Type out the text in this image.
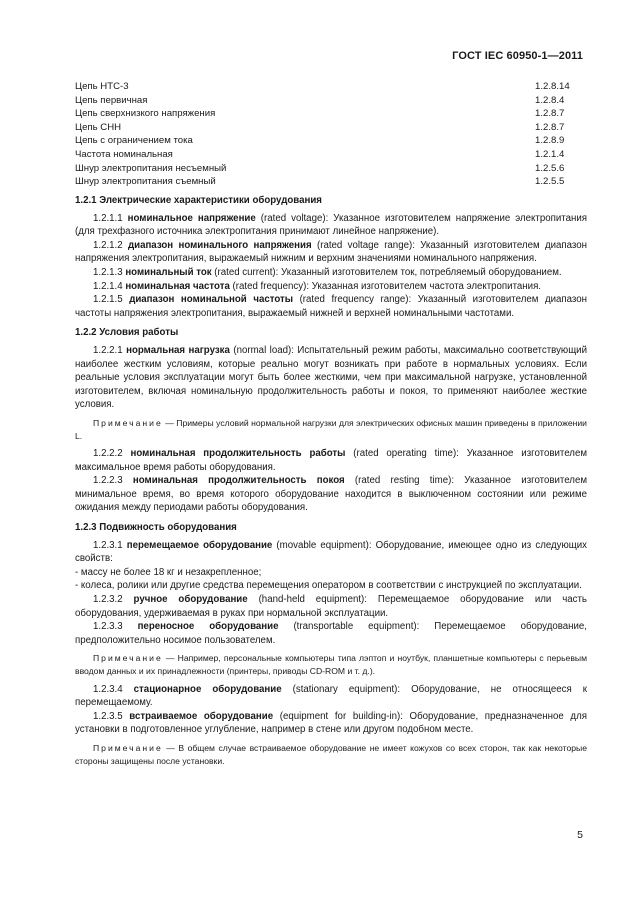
ГОСТ IEC 60950-1—2011
Цепь НТС-3	1.2.8.14
Цепь первичная	1.2.8.4
Цепь сверхнизкого напряжения	1.2.8.7
Цепь СНН	1.2.8.7
Цепь с ограничением тока	1.2.8.9
Частота номинальная	1.2.1.4
Шнур электропитания несъемный	1.2.5.6
Шнур электропитания съемный	1.2.5.5

1.2.1 Электрические характеристики оборудования

1.2.1.1 номинальное напряжение (rated voltage): Указанное изготовителем напряжение электропитания (для трехфазного источника электропитания принимают линейное напряжение).

1.2.1.2 диапазон номинального напряжения (rated voltage range): Указанный изготовителем диапазон напряжения электропитания, выражаемый нижним и верхним значениями номинального напряжения.

1.2.1.3 номинальный ток (rated current): Указанный изготовителем ток, потребляемый оборудованием.

1.2.1.4 номинальная частота (rated frequency): Указанная изготовителем частота электропитания.

1.2.1.5 диапазон номинальной частоты (rated frequency range): Указанный изготовителем диапазон частоты напряжения электропитания, выражаемый нижней и верхней номинальными частотами.

1.2.2 Условия работы

1.2.2.1 нормальная нагрузка (normal load): Испытательный режим работы, максимально соответствующий наиболее жестким условиям, которые реально могут возникать при работе в нормальных условиях. Если реальные условия эксплуатации могут быть более жесткими, чем при максимальной нагрузке, установленной изготовителем, включая номинальную продолжительность работы и покоя, то применяют наиболее жесткие условия.

Примечание — Примеры условий нормальной нагрузки для электрических офисных машин приведены в приложении L.

1.2.2.2 номинальная продолжительность работы (rated operating time): Указанное изготовителем максимальное время работы оборудования.

1.2.2.3 номинальная продолжительность покоя (rated resting time): Указанное изготовителем минимальное время, во время которого оборудование находится в выключенном состоянии или режиме ожидания между периодами работы оборудования.

1.2.3 Подвижность оборудования

1.2.3.1 перемещаемое оборудование (movable equipment): Оборудование, имеющее одно из следующих свойств:

- массу не более 18 кг и незакрепленное;

- колеса, ролики или другие средства перемещения оператором в соответствии с инструкцией по эксплуатации.

1.2.3.2 ручное оборудование (hand-held equipment): Перемещаемое оборудование или часть оборудования, удерживаемая в руках при нормальной эксплуатации.

1.2.3.3 переносное оборудование (transportable equipment): Перемещаемое оборудование, предположительно носимое пользователем.

Примечание — Например, персональные компьютеры типа лэптоп и ноутбук, планшетные компьютеры с перьевым вводом данных и их принадлежности (принтеры, приводы CD-ROM и т. д.).

1.2.3.4 стационарное оборудование (stationary equipment): Оборудование, не относящееся к перемещаемому.

1.2.3.5 встраиваемое оборудование (equipment for building-in): Оборудование, предназначенное для установки в подготовленное углубление, например в стене или другом подобном месте.

Примечание — В общем случае встраиваемое оборудование не имеет кожухов со всех сторон, так как некоторые стороны защищены после установки.

5
